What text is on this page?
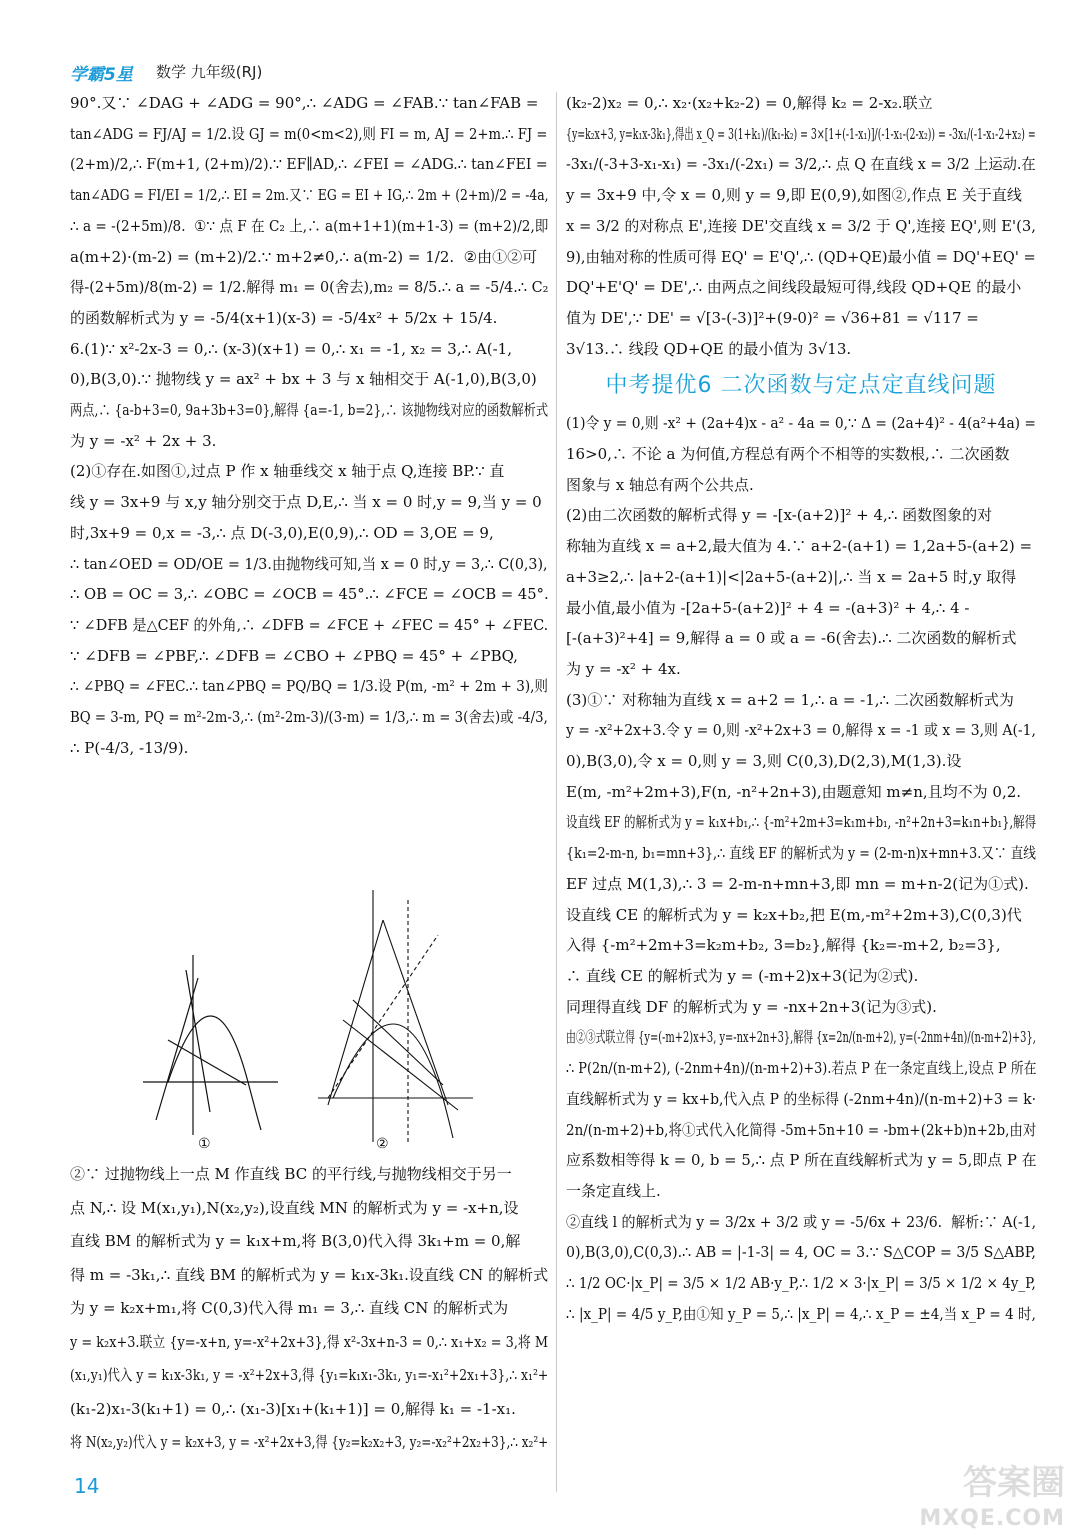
学霸5星 数学 九年级(RJ)

90°.又∵ ∠DAG + ∠ADG = 90°,∴ ∠ADG = ∠FAB.∵ tan∠FAB =

tan∠ADG = FJ/AJ = 1/2.设 GJ = m(0<m<2),则 FI = m, AJ = 2+m.∴ FJ =

(2+m)/2,∴ F(m+1, (2+m)/2).∵ EF∥AD,∴ ∠FEI = ∠ADG.∴ tan∠FEI =

tan∠ADG = FI/EI = 1/2,∴ EI = 2m.又∵ EG = EI + IG,∴ 2m + (2+m)/2 = -4a,

∴ a = -(2+5m)/8.  ①∵ 点 F 在 C₂ 上,∴ a(m+1+1)(m+1-3) = (m+2)/2,即

a(m+2)·(m-2) = (m+2)/2.∵ m+2≠0,∴ a(m-2) = 1/2.  ②由①②可

得-(2+5m)/8(m-2) = 1/2.解得 m₁ = 0(舍去),m₂ = 8/5.∴ a = -5/4.∴ C₂

的函数解析式为 y = -5/4(x+1)(x-3) = -5/4x² + 5/2x + 15/4.

6.(1)∵ x²-2x-3 = 0,∴ (x-3)(x+1) = 0,∴ x₁ = -1, x₂ = 3,∴ A(-1,

0),B(3,0).∵ 抛物线 y = ax² + bx + 3 与 x 轴相交于 A(-1,0),B(3,0)

两点,∴ {a-b+3=0, 9a+3b+3=0},解得 {a=-1, b=2},∴ 该抛物线对应的函数解析式

为 y = -x² + 2x + 3.

(2)①存在.如图①,过点 P 作 x 轴垂线交 x 轴于点 Q,连接 BP.∵ 直

线 y = 3x+9 与 x,y 轴分别交于点 D,E,∴ 当 x = 0 时,y = 9,当 y = 0

时,3x+9 = 0,x = -3,∴ 点 D(-3,0),E(0,9),∴ OD = 3,OE = 9,

∴ tan∠OED = OD/OE = 1/3.由抛物线可知,当 x = 0 时,y = 3,∴ C(0,3),

∴ OB = OC = 3,∴ ∠OBC = ∠OCB = 45°.∴ ∠FCE = ∠OCB = 45°.

∵ ∠DFB 是△CEF 的外角,∴ ∠DFB = ∠FCE + ∠FEC = 45° + ∠FEC.

∵ ∠DFB = ∠PBF,∴ ∠DFB = ∠CBO + ∠PBQ = 45° + ∠PBQ,

∴ ∠PBQ = ∠FEC.∴ tan∠PBQ = PQ/BQ = 1/3.设 P(m, -m² + 2m + 3),则

BQ = 3-m, PQ = m²-2m-3,∴ (m²-2m-3)/(3-m) = 1/3,∴ m = 3(舍去)或 -4/3,

∴ P(-4/3, -13/9).

①	②

②∵ 过抛物线上一点 M 作直线 BC 的平行线,与抛物线相交于另一

点 N,∴ 设 M(x₁,y₁),N(x₂,y₂),设直线 MN 的解析式为 y = -x+n,设

直线 BM 的解析式为 y = k₁x+m,将 B(3,0)代入得 3k₁+m = 0,解

得 m = -3k₁,∴ 直线 BM 的解析式为 y = k₁x-3k₁.设直线 CN 的解析式

为 y = k₂x+m₁,将 C(0,3)代入得 m₁ = 3,∴ 直线 CN 的解析式为

y = k₂x+3.联立 {y=-x+n, y=-x²+2x+3},得 x²-3x+n-3 = 0,∴ x₁+x₂ = 3,将 M

(x₁,y₁)代入 y = k₁x-3k₁, y = -x²+2x+3,得 {y₁=k₁x₁-3k₁, y₁=-x₁²+2x₁+3},∴ x₁²+

(k₁-2)x₁-3(k₁+1) = 0,∴ (x₁-3)[x₁+(k₁+1)] = 0,解得 k₁ = -1-x₁.

将 N(x₂,y₂)代入 y = k₂x+3, y = -x²+2x+3,得 {y₂=k₂x₂+3, y₂=-x₂²+2x₂+3},∴ x₂²+

(k₂-2)x₂ = 0,∴ x₂·(x₂+k₂-2) = 0,解得 k₂ = 2-x₂.联立

{y=k₂x+3, y=k₁x-3k₁},得出 x_Q = 3(1+k₁)/(k₁-k₂) = 3×[1+(-1-x₁)]/(-1-x₁-(2-x₂)) = -3x₁/(-1-x₁-2+x₂) =

-3x₁/(-3+3-x₁-x₁) = -3x₁/(-2x₁) = 3/2,∴ 点 Q 在直线 x = 3/2 上运动.在

y = 3x+9 中,令 x = 0,则 y = 9,即 E(0,9),如图②,作点 E 关于直线

x = 3/2 的对称点 E',连接 DE'交直线 x = 3/2 于 Q',连接 EQ',则 E'(3,

9),由轴对称的性质可得 EQ' = E'Q',∴ (QD+QE)最小值 = DQ'+EQ' =

DQ'+E'Q' = DE',∴ 由两点之间线段最短可得,线段 QD+QE 的最小

值为 DE',∵ DE' = √[3-(-3)]²+(9-0)² = √36+81 = √117 =

3√13.∴ 线段 QD+QE 的最小值为 3√13.

中考提优6 二次函数与定点定直线问题

(1)令 y = 0,则 -x² + (2a+4)x - a² - 4a = 0,∵ Δ = (2a+4)² - 4(a²+4a) =

16>0,∴ 不论 a 为何值,方程总有两个不相等的实数根,∴ 二次函数

图象与 x 轴总有两个公共点.

(2)由二次函数的解析式得 y = -[x-(a+2)]² + 4,∴ 函数图象的对

称轴为直线 x = a+2,最大值为 4.∵ a+2-(a+1) = 1,2a+5-(a+2) =

a+3≥2,∴ |a+2-(a+1)|<|2a+5-(a+2)|,∴ 当 x = 2a+5 时,y 取得

最小值,最小值为 -[2a+5-(a+2)]² + 4 = -(a+3)² + 4,∴ 4 -

[-(a+3)²+4] = 9,解得 a = 0 或 a = -6(舍去).∴ 二次函数的解析式

为 y = -x² + 4x.

(3)①∵ 对称轴为直线 x = a+2 = 1,∴ a = -1,∴ 二次函数解析式为

y = -x²+2x+3.令 y = 0,则 -x²+2x+3 = 0,解得 x = -1 或 x = 3,则 A(-1,

0),B(3,0),令 x = 0,则 y = 3,则 C(0,3),D(2,3),M(1,3).设

E(m, -m²+2m+3),F(n, -n²+2n+3),由题意知 m≠n,且均不为 0,2.

设直线 EF 的解析式为 y = k₁x+b₁,∴ {-m²+2m+3=k₁m+b₁, -n²+2n+3=k₁n+b₁},解得

{k₁=2-m-n, b₁=mn+3},∴ 直线 EF 的解析式为 y = (2-m-n)x+mn+3.又∵ 直线

EF 过点 M(1,3),∴ 3 = 2-m-n+mn+3,即 mn = m+n-2(记为①式).

设直线 CE 的解析式为 y = k₂x+b₂,把 E(m,-m²+2m+3),C(0,3)代

入得 {-m²+2m+3=k₂m+b₂, 3=b₂},解得 {k₂=-m+2, b₂=3},

∴ 直线 CE 的解析式为 y = (-m+2)x+3(记为②式).

同理得直线 DF 的解析式为 y = -nx+2n+3(记为③式).

由②③式联立得 {y=(-m+2)x+3, y=-nx+2n+3},解得 {x=2n/(n-m+2), y=(-2nm+4n)/(n-m+2)+3},

∴ P(2n/(n-m+2), (-2nm+4n)/(n-m+2)+3).若点 P 在一条定直线上,设点 P 所在

直线解析式为 y = kx+b,代入点 P 的坐标得 (-2nm+4n)/(n-m+2)+3 = k·

2n/(n-m+2)+b,将①式代入化简得 -5m+5n+10 = -bm+(2k+b)n+2b,由对

应系数相等得 k = 0, b = 5,∴ 点 P 所在直线解析式为 y = 5,即点 P 在

一条定直线上.

②直线 l 的解析式为 y = 3/2x + 3/2 或 y = -5/6x + 23/6.  解析:∵ A(-1,

0),B(3,0),C(0,3).∴ AB = |-1-3| = 4, OC = 3.∵ S△COP = 3/5 S△ABP,

∴ 1/2 OC·|x_P| = 3/5 × 1/2 AB·y_P,∴ 1/2 × 3·|x_P| = 3/5 × 1/2 × 4y_P,

∴ |x_P| = 4/5 y_P,由①知 y_P = 5,∴ |x_P| = 4,∴ x_P = ±4,当 x_P = 4 时,

14	答案圈
MXQE.COM
